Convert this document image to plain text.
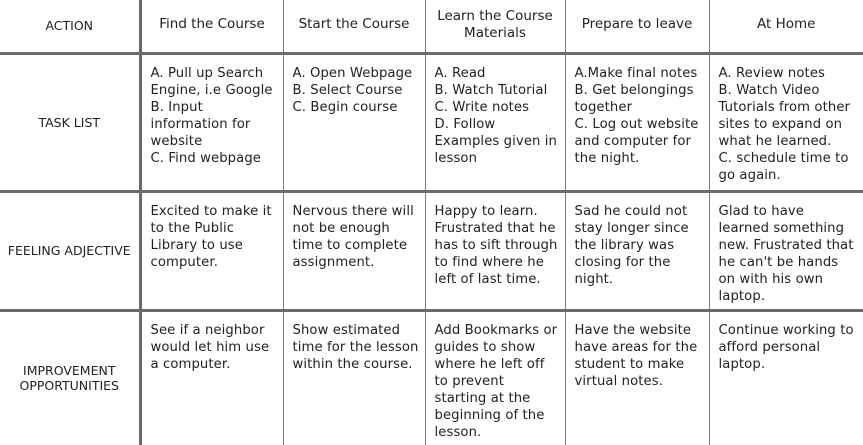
ACTION	Find the Course	Start the Course	Learn the Course Materials	Prepare to leave	At Home
TASK LIST	A. Pull up Search Engine, i.e Google
B. Input information for website
C. Find webpage	A. Open Webpage
B. Select Course
C. Begin course	A. Read
B. Watch Tutorial
C. Write notes
D. Follow Examples given in lesson	A.Make final notes
B. Get belongings together
C. Log out website and computer for the night.	A. Review notes
B. Watch Video Tutorials from other sites to expand on what he learned.
C. schedule time to go again.
FEELING ADJECTIVE	Excited to make it to the Public Library to use computer.	Nervous there will not be enough time to complete assignment.	Happy to learn. Frustrated that he has to sift through to find where he left of last time.	Sad he could not stay longer since the library was closing for the night.	Glad to have learned something new. Frustrated that he can't be hands on with his own laptop.
IMPROVEMENT OPPORTUNITIES	See if a neighbor would let him use a computer.	Show estimated time for the lesson within the course.	Add Bookmarks or guides to show where he left off to prevent starting at the beginning of the lesson.	Have the website have areas for the student to make virtual notes.	Continue working to afford personal laptop.
